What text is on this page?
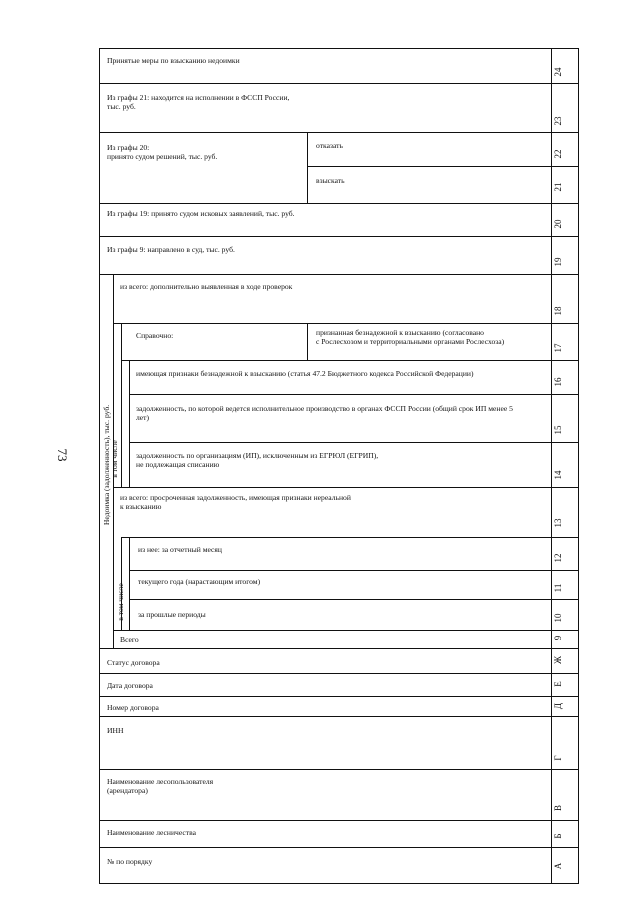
73
Принятые меры по взысканию недоимки
Из графы 21: находится на исполнении в ФССП России,
тыс. руб.
отказать
взыскать
Из графы 20:
принято судом решений, тыс. руб.
Из графы 19: принято судом исковых заявлений, тыс. руб.
Из графы 9: направлено в суд, тыс. руб.
из всего: дополнительно выявленная в ходе проверок
Справочно:	признанная безнадежной к взысканию (согласовано
с Рослесхозом и территориальными органами Рослесхоза)
имеющая признаки безнадежной к взысканию (статья 47.2 Бюджетного кодекса Российской Федерации)
задолженность, по которой ведется исполнительное производство в органах ФССП России (общий срок ИП менее 5
лет)
задолженность по организациям (ИП), исключенным из ЕГРЮЛ (ЕГРИП),
не подлежащая списанию
из всего: просроченная задолженность, имеющая признаки нереальной
к взысканию
из нее: за отчетный месяц
текущего года (нарастающим итогом)
за прошлые периоды
Всего
Статус договора
Дата договора
Номер договора
ИНН
Наименование лесопользователя
(арендатора)
Наименование лесничества
№ по порядку
Недоимка (задолженность), тыс. руб. в том числе
в том числе
24
23
22
21
20
19
18
17
16
15
14
13
12
11
10
9
Ж
Е
Д
Г
В
Б
А
